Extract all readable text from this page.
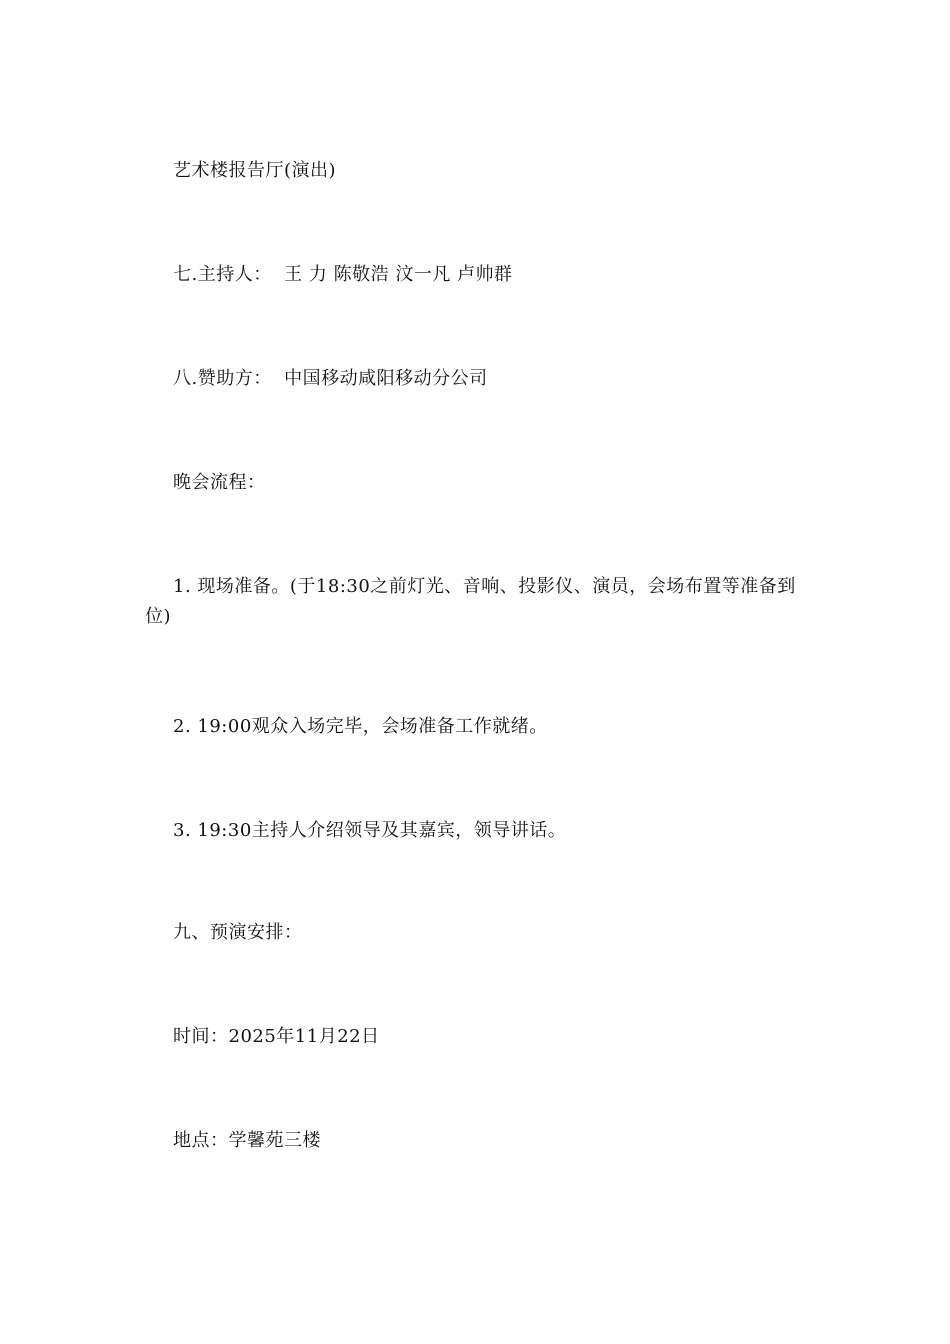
艺术楼报告厅(演出)

七.主持人：  王 力 陈敬浩 汶一凡 卢帅群

八.赞助方：  中国移动咸阳移动分公司

晚会流程：

1. 现场准备。(于18:30之前灯光、音响、投影仪、演员，会场布置等准备到位)

2. 19:00观众入场完毕，会场准备工作就绪。

3. 19:30主持人介绍领导及其嘉宾，领导讲话。

九、预演安排：

时间：2025年11月22日

地点：学馨苑三楼
